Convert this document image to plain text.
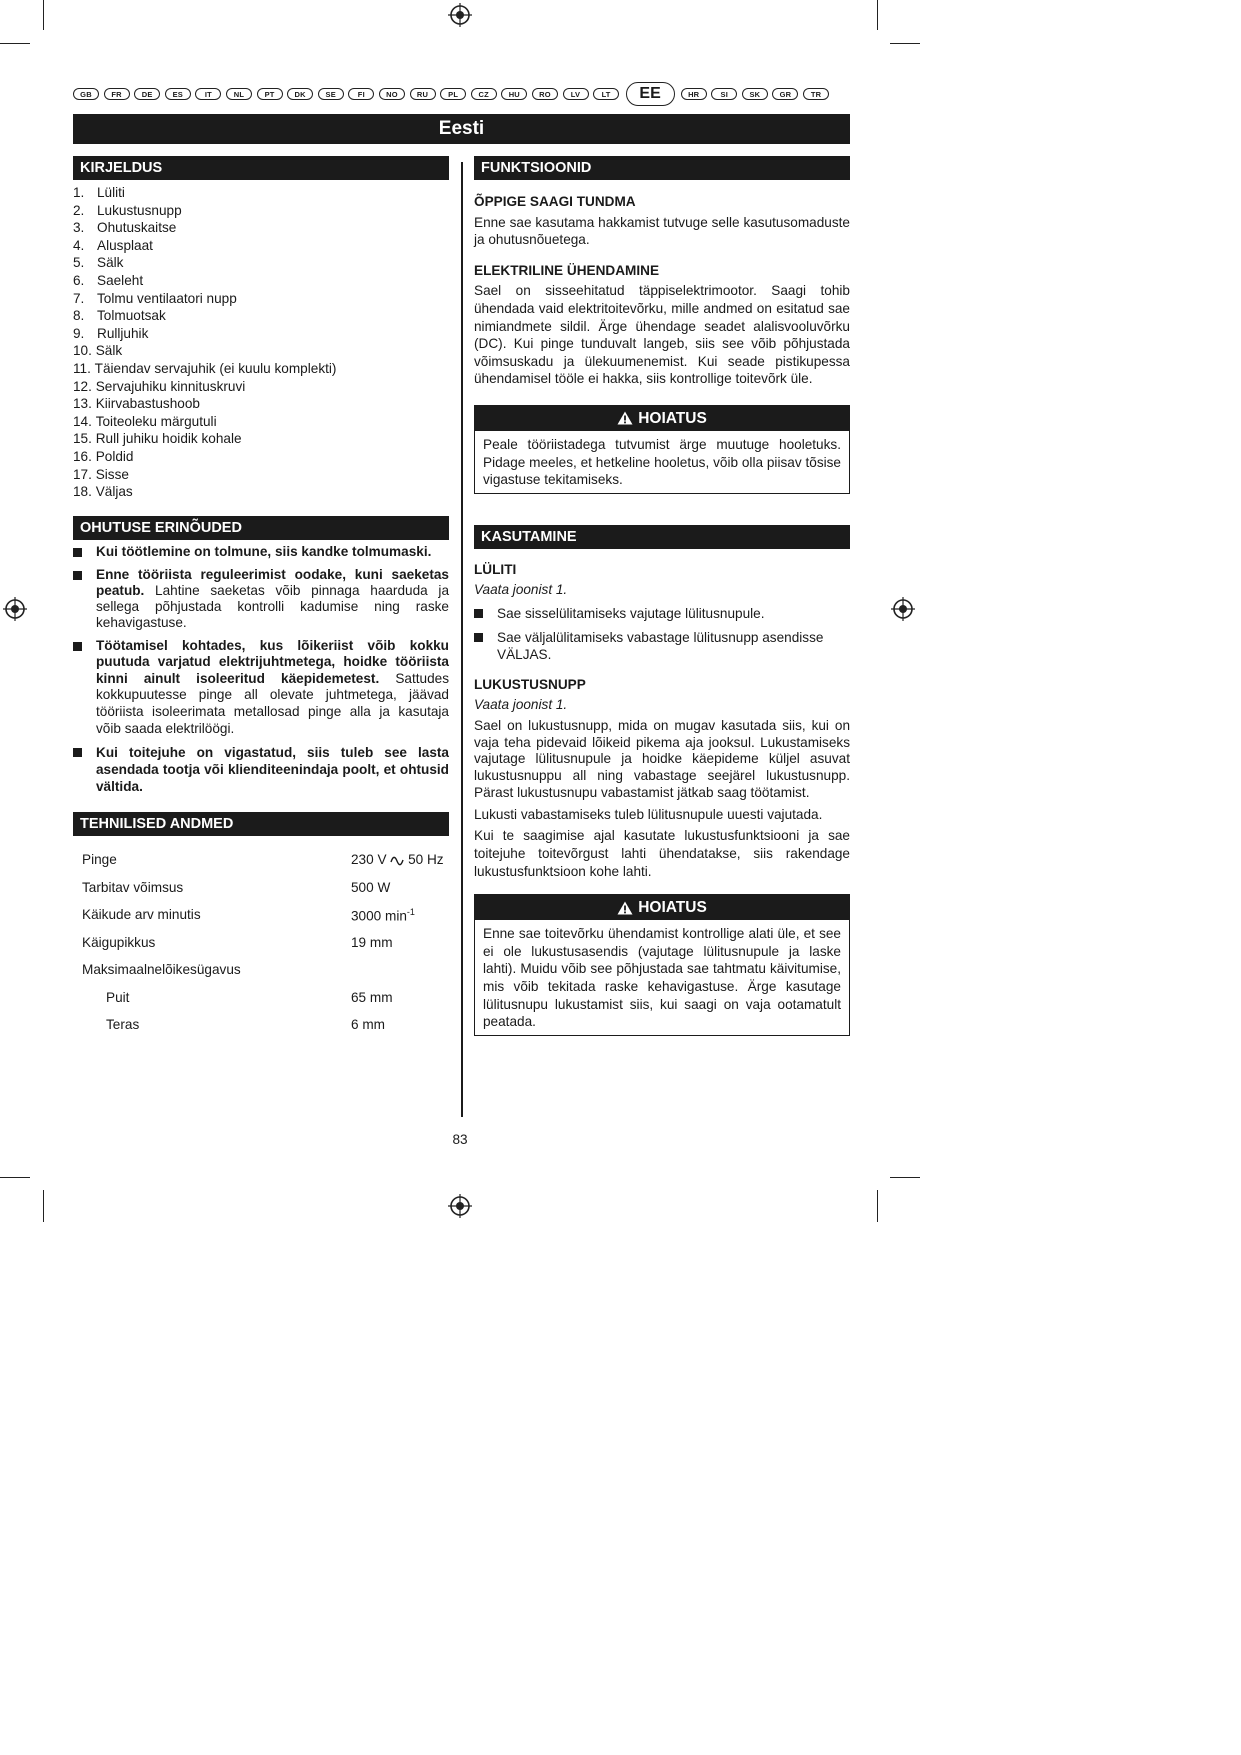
GB	FR	DE	ES	IT	NL	PT	DK	SE	FI	NO	RU	PL	CZ	HU	RO	LV	LT	EE	HR	SI	SK	GR	TR
Eesti
KIRJELDUS
1. Lüliti
2. Lukustusnupp
3. Ohutuskaitse
4. Alusplaat
5. Sälk
6. Saeleht
7. Tolmu ventilaatori nupp
8. Tolmuotsak
9. Rulljuhik
10.
Sälk
11.
Täiendav servajuhik (ei kuulu komplekti)
12.
Servajuhiku kinnituskruvi
13.
Kiirvabastushoob
14.
Toiteoleku märgutuli
15.
Rull juhiku hoidik kohale
16.
Poldid
17.
Sisse
18.
Väljas
OHUTUSE ERINÕUDED
Kui töötlemine on tolmune, siis kandke tolmumaski.
Enne tööriista reguleerimist oodake, kuni saeketas peatub. Lahtine saeketas võib pinnaga haarduda ja sellega põhjustada kontrolli kadumise ning raske kehavigastuse.
Töötamisel kohtades, kus lõikeriist võib kokku puutuda varjatud elektrijuhtmetega, hoidke tööriista kinni ainult isoleeritud käepidemetest. Sattudes kokkupuutesse pinge all olevate juhtmetega, jäävad tööriista isoleerimata metallosad pinge alla ja kasutaja võib saada elektrilöögi.
Kui toitejuhe on vigastatud, siis tuleb see lasta asendada tootja või klienditeenindaja poolt, et ohtusid vältida.
TEHNILISED ANDMED
Pinge	230 V 50 Hz
Tarbitav võimsus	500 W
Käikude arv minutis	3000 $\min^{-1}$
Käigupikkus	19 mm
Maksimaalnelõikesügavus	
Puit	65 mm
Teras	6 mm
FUNKTSIOONID
ÕPPIGE SAAGI TUNDMA
Enne sae kasutama hakkamist tutvuge selle kasutusomaduste ja ohutusnõuetega.
ELEKTRILINE ÜHENDAMINE
Sael on sisseehitatud täppiselektrimootor. Saagi tohib ühendada vaid elektritoitevõrku, mille andmed on esitatud sae nimiandmete sildil. Ärge ühendage seadet alalisvooluvõrku (DC). Kui pinge tunduvalt langeb, siis see võib põhjustada võimsuskadu ja ülekuumenemist. Kui seade pistikupessa ühendamisel tööle ei hakka, siis kontrollige toitevõrk üle.
HOIATUS
Peale tööriistadega tutvumist ärge muutuge hooletuks. Pidage meeles, et hetkeline hooletus, võib olla piisav tõsise vigastuse tekitamiseks.
KASUTAMINE
LÜLITI
Vaata joonist 1.
Sae sisselülitamiseks vajutage lülitusnupule.
Sae väljalülitamiseks vabastage lülitusnupp asendisse VÄLJAS.
LUKUSTUSNUPP
Vaata joonist 1.
Sael on lukustusnupp, mida on mugav kasutada siis, kui on vaja teha pidevaid lõikeid pikema aja jooksul. Lukustamiseks vajutage lülitusnupule ja hoidke käepideme küljel asuvat lukustusnuppu all ning vabastage seejärel lukustusnupp. Pärast lukustusnupu vabastamist jätkab saag töötamist.
Lukusti vabastamiseks tuleb lülitusnupule uuesti vajutada.
Kui te saagimise ajal kasutate lukustusfunktsiooni ja sae toitejuhe toitevõrgust lahti ühendatakse, siis rakendage lukustusfunktsioon kohe lahti.
HOIATUS
Enne sae toitevõrku ühendamist kontrollige alati üle, et see ei ole lukustusasendis (vajutage lülitusnupule ja laske lahti). Muidu võib see põhjustada sae tahtmatu käivitumise, mis võib tekitada raske kehavigastuse. Ärge kasutage lülitusnupu lukustamist siis, kui saagi on vaja ootamatult peatada.
83
